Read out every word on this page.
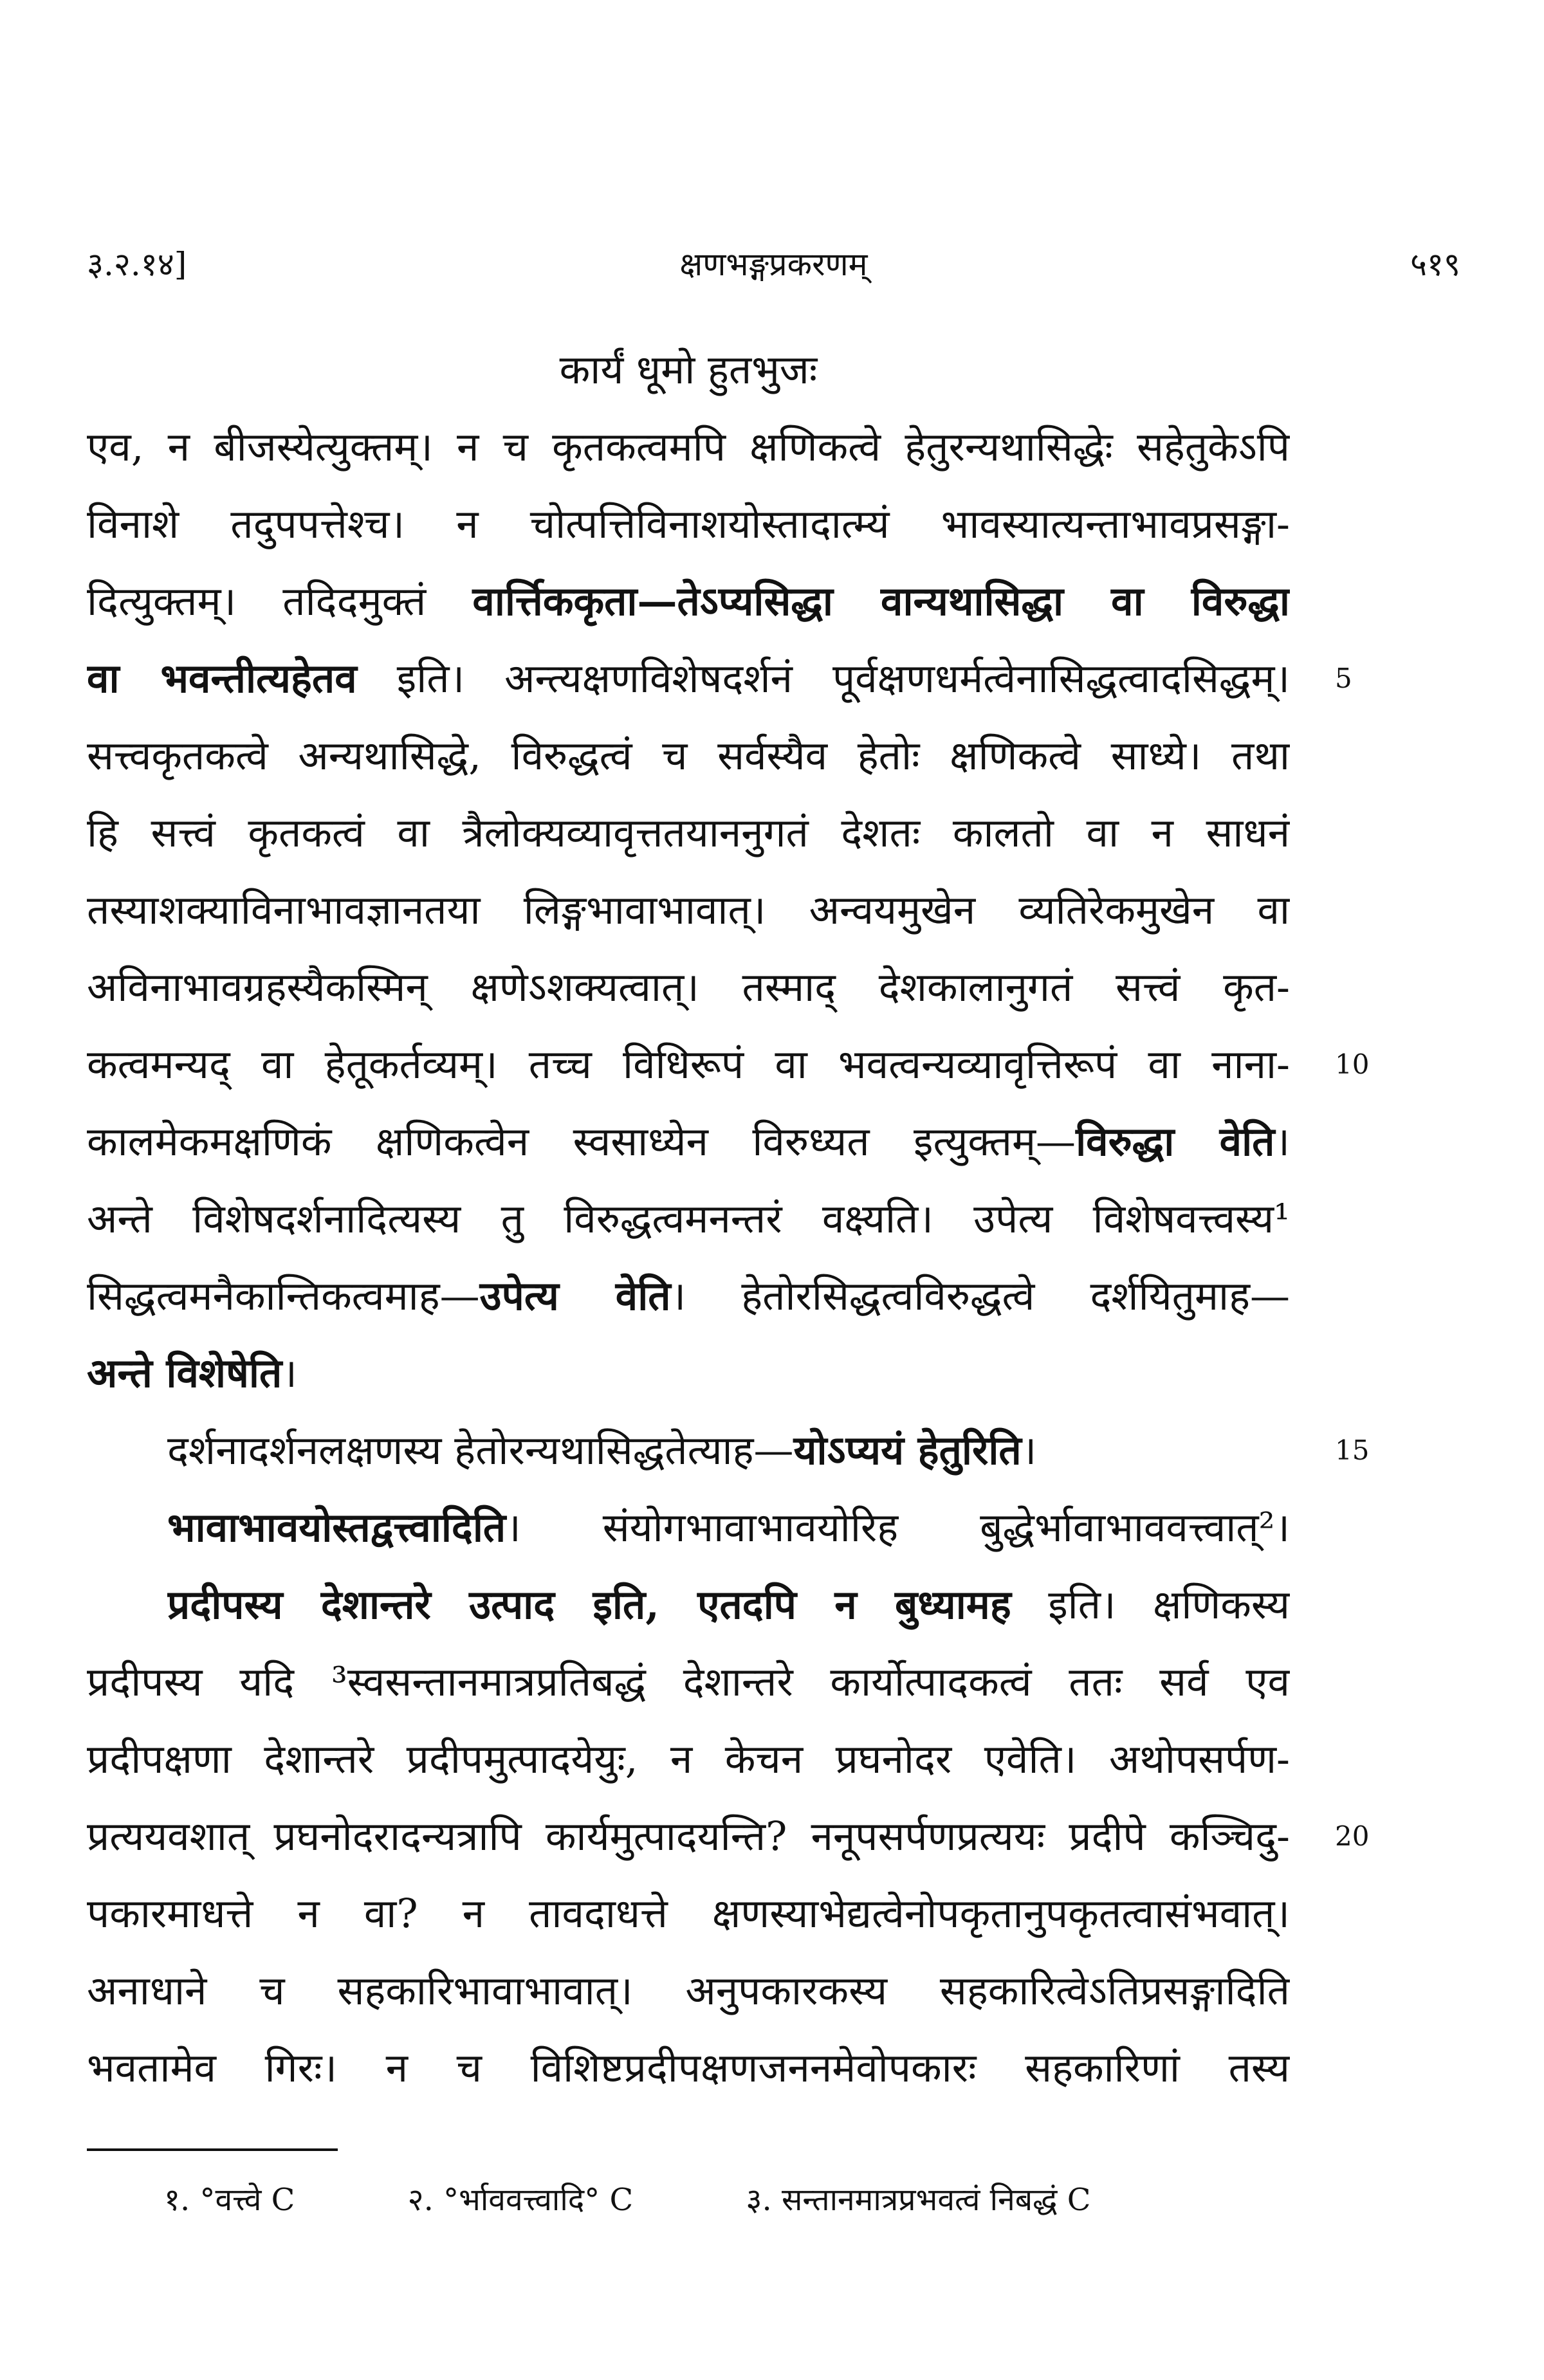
३.२.१४]	क्षणभङ्गप्रकरणम्	५१९
कार्यं धूमो हुतभुजः
एव, न बीजस्येत्युक्तम्। न च कृतकत्वमपि क्षणिकत्वे हेतुरन्यथासिद्धेः सहेतुकेऽपि
विनाशे तदुपपत्तेश्च। न चोत्पत्तिविनाशयोस्तादात्म्यं भावस्यात्यन्ताभावप्रसङ्गा-
दित्युक्तम्। तदिदमुक्तं वार्त्तिककृता—तेऽप्यसिद्धा वान्यथासिद्धा वा विरुद्धा
वा भवन्तीत्यहेतव इति। अन्त्यक्षणविशेषदर्शनं पूर्वक्षणधर्मत्वेनासिद्धत्वादसिद्धम्।
सत्त्वकृतकत्वे अन्यथासिद्धे, विरुद्धत्वं च सर्वस्यैव हेतोः क्षणिकत्वे साध्ये। तथा
हि सत्त्वं कृतकत्वं वा त्रैलोक्यव्यावृत्ततयाननुगतं देशतः कालतो वा न साधनं
तस्याशक्याविनाभावज्ञानतया लिङ्गभावाभावात्। अन्वयमुखेन व्यतिरेकमुखेन वा
अविनाभावग्रहस्यैकस्मिन् क्षणेऽशक्यत्वात्। तस्माद् देशकालानुगतं सत्त्वं कृत-
कत्वमन्यद् वा हेतूकर्तव्यम्। तच्च विधिरूपं वा भवत्वन्यव्यावृत्तिरूपं वा नाना-
कालमेकमक्षणिकं क्षणिकत्वेन स्वसाध्येन विरुध्यत इत्युक्तम्—विरुद्धा वेति।
अन्ते विशेषदर्शनादित्यस्य तु विरुद्धत्वमनन्तरं वक्ष्यति। उपेत्य विशेषवत्त्वस्य¹
सिद्धत्वमनैकान्तिकत्वमाह—उपेत्य वेति। हेतोरसिद्धत्वविरुद्धत्वे दर्शयितुमाह—
अन्ते विशेषेति।
दर्शनादर्शनलक्षणस्य हेतोरन्यथासिद्धतेत्याह—योऽप्ययं हेतुरिति।
भावाभावयोस्तद्वत्त्वादिति। संयोगभावाभावयोरिह बुद्धेर्भावाभाववत्त्वात्²।
प्रदीपस्य देशान्तरे उत्पाद इति, एतदपि न बुध्यामह इति। क्षणिकस्य
प्रदीपस्य यदि ³स्वसन्तानमात्रप्रतिबद्धं देशान्तरे कार्योत्पादकत्वं ततः सर्व एव
प्रदीपक्षणा देशान्तरे प्रदीपमुत्पादयेयुः, न केचन प्रघनोदर एवेति। अथोपसर्पण-
प्रत्ययवशात् प्रघनोदरादन्यत्रापि कार्यमुत्पादयन्ति? ननूपसर्पणप्रत्ययः प्रदीपे कञ्चिदु-
पकारमाधत्ते न वा? न तावदाधत्ते क्षणस्याभेद्यत्वेनोपकृतानुपकृतत्वासंभवात्।
अनाधाने च सहकारिभावाभावात्। अनुपकारकस्य सहकारित्वेऽतिप्रसङ्गादिति
भवतामेव गिरः। न च विशिष्टप्रदीपक्षणजननमेवोपकारः सहकारिणां तस्य
5
10
15
20
१. °वत्त्वे C	२. °र्भाववत्त्वादि° C	३. सन्तानमात्रप्रभवत्वं निबद्धं C
